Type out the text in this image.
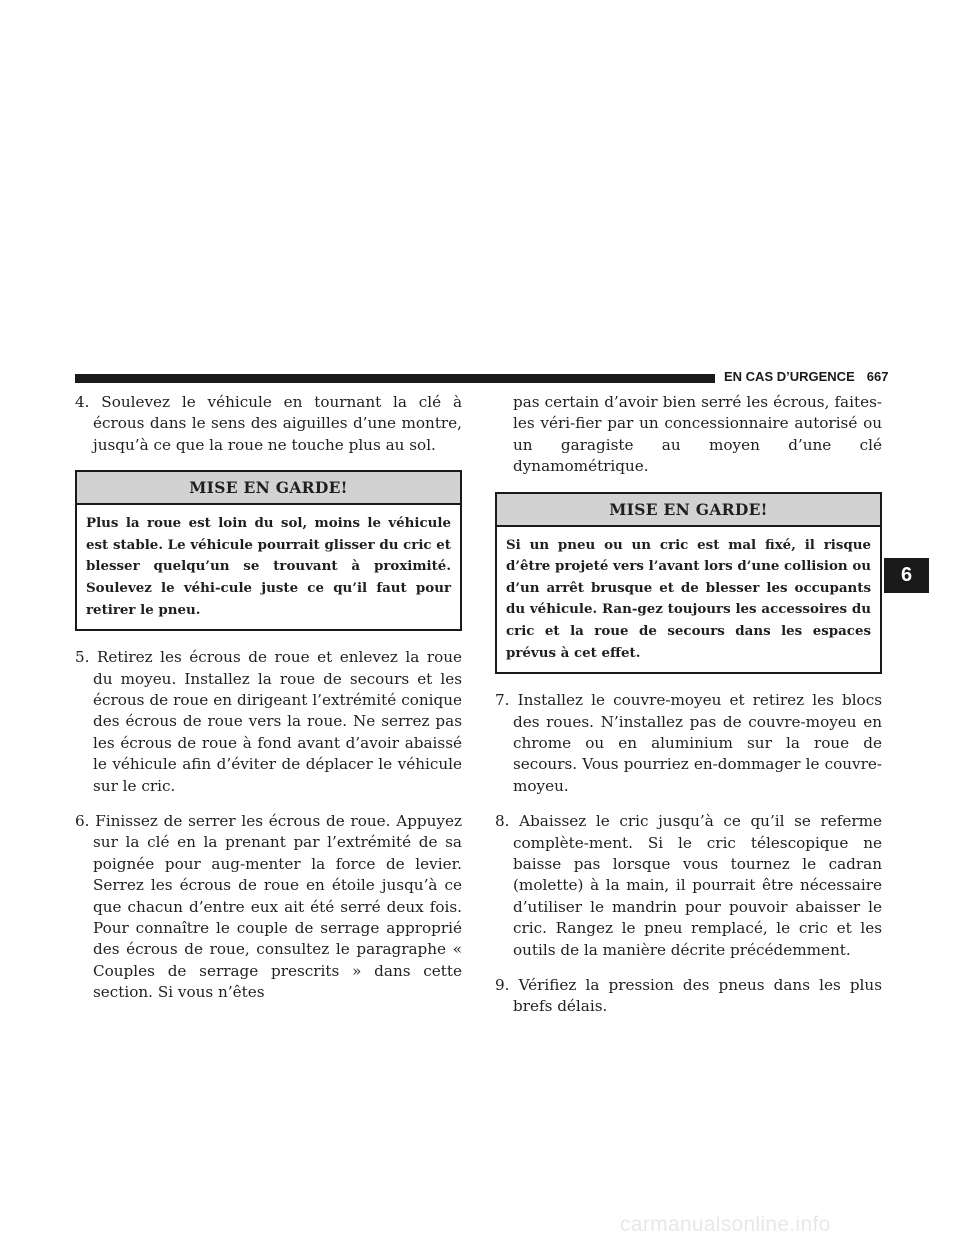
EN CAS D’URGENCE 667

4. Soulevez le véhicule en tournant la clé à écrous dans le sens des aiguilles d’une montre, jusqu’à ce que la roue ne touche plus au sol.

MISE EN GARDE!
Plus la roue est loin du sol, moins le véhicule est stable. Le véhicule pourrait glisser du cric et blesser quelqu’un se trouvant à proximité. Soulevez le véhi-cule juste ce qu’il faut pour retirer le pneu.

5. Retirez les écrous de roue et enlevez la roue du moyeu. Installez la roue de secours et les écrous de roue en dirigeant l’extrémité conique des écrous de roue vers la roue. Ne serrez pas les écrous de roue à fond avant d’avoir abaissé le véhicule afin d’éviter de déplacer le véhicule sur le cric.

6. Finissez de serrer les écrous de roue. Appuyez sur la clé en la prenant par l’extrémité de sa poignée pour aug-menter la force de levier. Serrez les écrous de roue en étoile jusqu’à ce que chacun d’entre eux ait été serré deux fois. Pour connaître le couple de serrage approprié des écrous de roue, consultez le paragraphe « Couples de serrage prescrits » dans cette section. Si vous n’êtes

pas certain d’avoir bien serré les écrous, faites-les véri-fier par un concessionnaire autorisé ou un garagiste au moyen d’une clé dynamométrique.

MISE EN GARDE!
Si un pneu ou un cric est mal fixé, il risque d’être projeté vers l’avant lors d’une collision ou d’un arrêt brusque et de blesser les occupants du véhicule. Ran-gez toujours les accessoires du cric et la roue de secours dans les espaces prévus à cet effet.

7. Installez le couvre-moyeu et retirez les blocs des roues. N’installez pas de couvre-moyeu en chrome ou en aluminium sur la roue de secours. Vous pourriez en-dommager le couvre-moyeu.

8. Abaissez le cric jusqu’à ce qu’il se referme complète-ment. Si le cric télescopique ne baisse pas lorsque vous tournez le cadran (molette) à la main, il pourrait être nécessaire d’utiliser le mandrin pour pouvoir abaisser le cric. Rangez le pneu remplacé, le cric et les outils de la manière décrite précédemment.

9. Vérifiez la pression des pneus dans les plus brefs délais.

6
carmanualsonline.info
